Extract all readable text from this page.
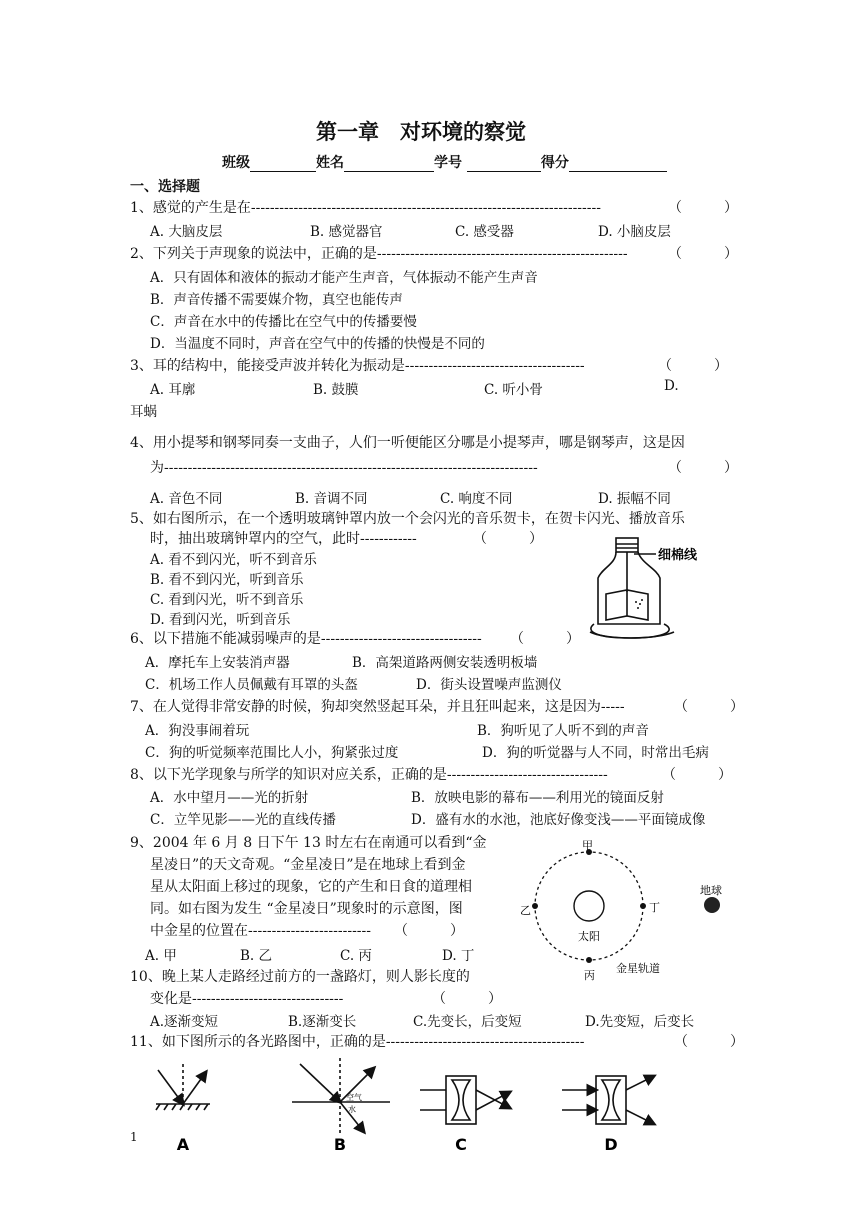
第一章　对环境的察觉
班级	姓名	学号	得分
一、选择题
1、感觉的产生是在--------------------------------------------------------------------------	（　　　）
A. 大脑皮层	B. 感觉器官	C. 感受器	D. 小脑皮层
2、下列关于声现象的说法中，正确的是-----------------------------------------------------	（　　　）
A．只有固体和液体的振动才能产生声音，气体振动不能产生声音
B．声音传播不需要媒介物，真空也能传声
C．声音在水中的传播比在空气中的传播要慢
D．当温度不同时，声音在空气中的传播的快慢是不同的
3、耳的结构中，能接受声波并转化为振动是--------------------------------------	（　　　）
A. 耳廓	B. 鼓膜	C. 听小骨	D.
耳蜗
4、用小提琴和钢琴同奏一支曲子，人们一听便能区分哪是小提琴声，哪是钢琴声，这是因
为-------------------------------------------------------------------------------	（　　　）
A. 音色不同	B. 音调不同	C. 响度不同	D. 振幅不同
5、如右图所示，在一个透明玻璃钟罩内放一个会闪光的音乐贺卡，在贺卡闪光、播放音乐
时，抽出玻璃钟罩内的空气，此时------------	（　　　）
A. 看不到闪光，听不到音乐
B. 看不到闪光，听到音乐
C. 看到闪光，听不到音乐
D. 看到闪光，听到音乐
细棉线
6、以下措施不能减弱噪声的是---------------------------------- （　　　）
A．摩托车上安装消声器	B．高架道路两侧安装透明板墙
C．机场工作人员佩戴有耳罩的头盔	D．街头设置噪声监测仪
7、在人觉得非常安静的时候，狗却突然竖起耳朵，并且狂叫起来，这是因为-----	（　　　）
A．狗没事闹着玩	B．狗听见了人听不到的声音
C．狗的听觉频率范围比人小，狗紧张过度	D．狗的听觉器与人不同，时常出毛病
8、以下光学现象与所学的知识对应关系，正确的是----------------------------------	（　　　）
A．水中望月——光的折射	B．放映电影的幕布——利用光的镜面反射
C．立竿见影——光的直线传播	D．盛有水的水池，池底好像变浅——平面镜成像
9、2004 年 6 月 8 日下午 13 时左右在南通可以看到“金
星凌日”的天文奇观。“金星凌日”是在地球上看到金
星从太阳面上移过的现象，它的产生和日食的道理相
同。如右图为发生 “金星凌日”现象时的示意图，图
中金星的位置在-------------------------- （　　　）
A. 甲	B. 乙	C. 丙	D. 丁
甲
乙	丁
丙
太阳
地球
金星轨道
10、晚上某人走路经过前方的一盏路灯，则人影长度的
变化是--------------------------------	（　　　）
A.逐渐变短	B.逐渐变长	C.先变长，后变短	D.先变短，后变长
11、如下图所示的各光路图中，正确的是------------------------------------------	（　　　）
A
空气
水
B	C	D
1
